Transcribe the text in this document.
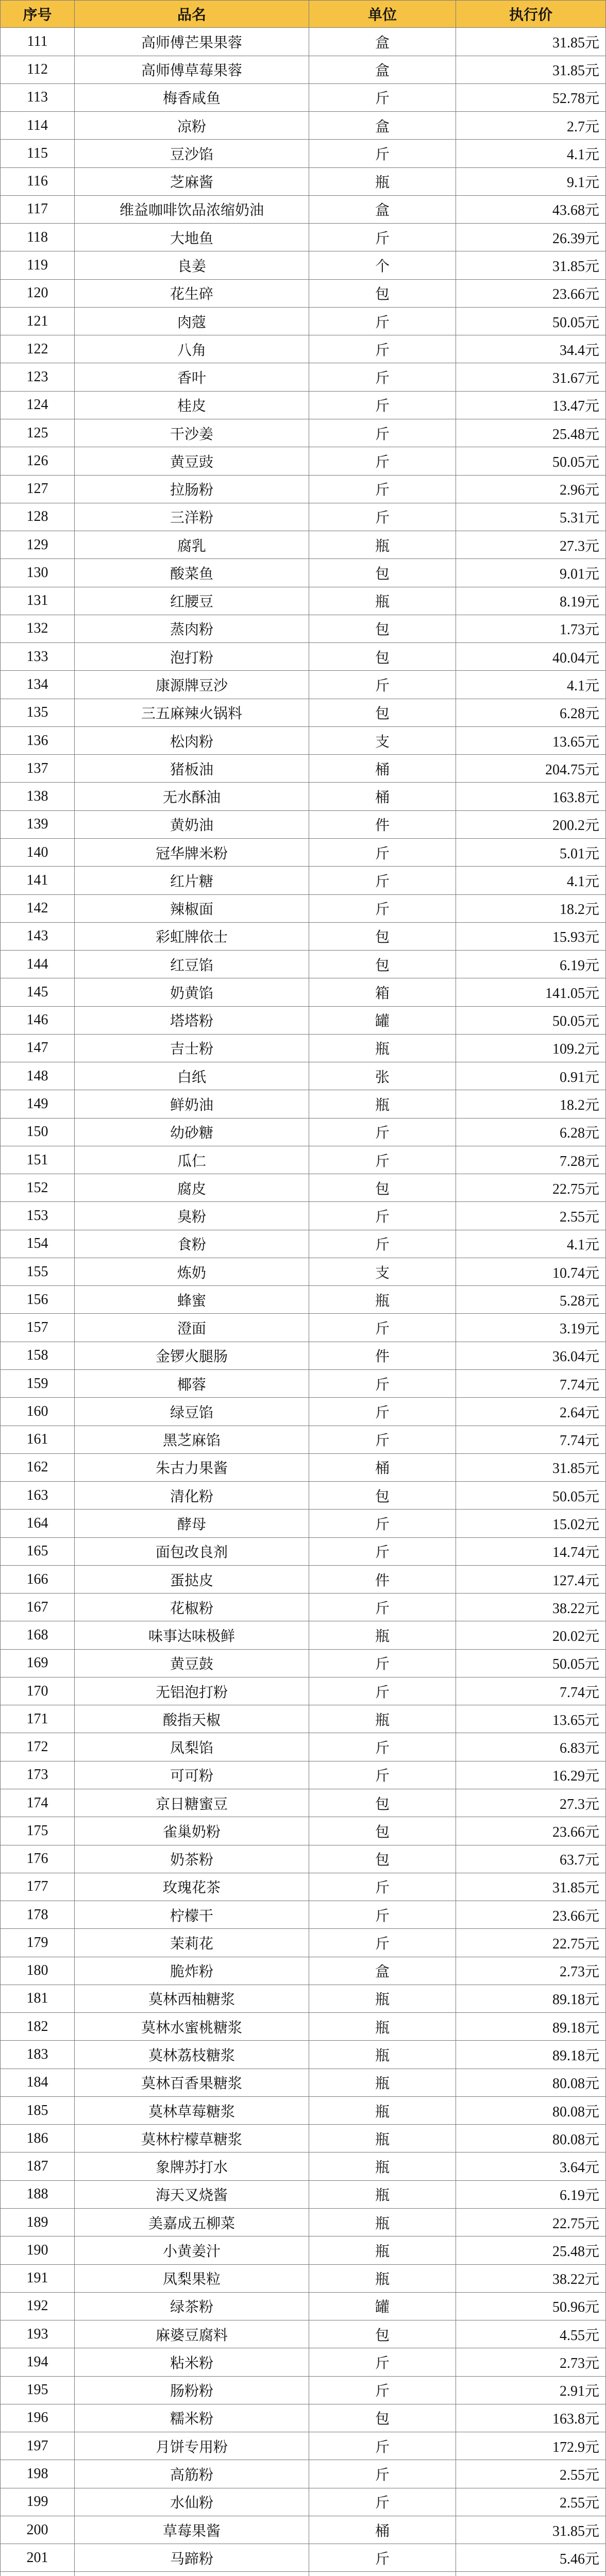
序号	品名	单位	执行价
111	高师傅芒果果蓉	盒	31.85元
112	高师傅草莓果蓉	盒	31.85元
113	梅香咸鱼	斤	52.78元
114	凉粉	盒	2.7元
115	豆沙馅	斤	4.1元
116	芝麻酱	瓶	9.1元
117	维益咖啡饮品浓缩奶油	盒	43.68元
118	大地鱼	斤	26.39元
119	良姜	个	31.85元
120	花生碎	包	23.66元
121	肉蔻	斤	50.05元
122	八角	斤	34.4元
123	香叶	斤	31.67元
124	桂皮	斤	13.47元
125	干沙姜	斤	25.48元
126	黄豆豉	斤	50.05元
127	拉肠粉	斤	2.96元
128	三洋粉	斤	5.31元
129	腐乳	瓶	27.3元
130	酸菜鱼	包	9.01元
131	红腰豆	瓶	8.19元
132	蒸肉粉	包	1.73元
133	泡打粉	包	40.04元
134	康源牌豆沙	斤	4.1元
135	三五麻辣火锅料	包	6.28元
136	松肉粉	支	13.65元
137	猪板油	桶	204.75元
138	无水酥油	桶	163.8元
139	黄奶油	件	200.2元
140	冠华牌米粉	斤	5.01元
141	红片糖	斤	4.1元
142	辣椒面	斤	18.2元
143	彩虹牌依士	包	15.93元
144	红豆馅	包	6.19元
145	奶黄馅	箱	141.05元
146	塔塔粉	罐	50.05元
147	吉士粉	瓶	109.2元
148	白纸	张	0.91元
149	鲜奶油	瓶	18.2元
150	幼砂糖	斤	6.28元
151	瓜仁	斤	7.28元
152	腐皮	包	22.75元
153	臭粉	斤	2.55元
154	食粉	斤	4.1元
155	炼奶	支	10.74元
156	蜂蜜	瓶	5.28元
157	澄面	斤	3.19元
158	金锣火腿肠	件	36.04元
159	椰蓉	斤	7.74元
160	绿豆馅	斤	2.64元
161	黑芝麻馅	斤	7.74元
162	朱古力果酱	桶	31.85元
163	清化粉	包	50.05元
164	酵母	斤	15.02元
165	面包改良剂	斤	14.74元
166	蛋挞皮	件	127.4元
167	花椒粉	斤	38.22元
168	味事达味极鲜	瓶	20.02元
169	黄豆鼓	斤	50.05元
170	无铝泡打粉	斤	7.74元
171	酸指天椒	瓶	13.65元
172	凤梨馅	斤	6.83元
173	可可粉	斤	16.29元
174	京日糖蜜豆	包	27.3元
175	雀巢奶粉	包	23.66元
176	奶茶粉	包	63.7元
177	玫瑰花茶	斤	31.85元
178	柠檬干	斤	23.66元
179	茉莉花	斤	22.75元
180	脆炸粉	盒	2.73元
181	莫林西柚糖浆	瓶	89.18元
182	莫林水蜜桃糖浆	瓶	89.18元
183	莫林荔枝糖浆	瓶	89.18元
184	莫林百香果糖浆	瓶	80.08元
185	莫林草莓糖浆	瓶	80.08元
186	莫林柠檬草糖浆	瓶	80.08元
187	象牌苏打水	瓶	3.64元
188	海天叉烧酱	瓶	6.19元
189	美嘉成五柳菜	瓶	22.75元
190	小黄姜汁	瓶	25.48元
191	凤梨果粒	瓶	38.22元
192	绿茶粉	罐	50.96元
193	麻婆豆腐料	包	4.55元
194	粘米粉	斤	2.73元
195	肠粉粉	斤	2.91元
196	糯米粉	包	163.8元
197	月饼专用粉	斤	172.9元
198	高筋粉	斤	2.55元
199	水仙粉	斤	2.55元
200	草莓果酱	桶	31.85元
201	马蹄粉	斤	5.46元
